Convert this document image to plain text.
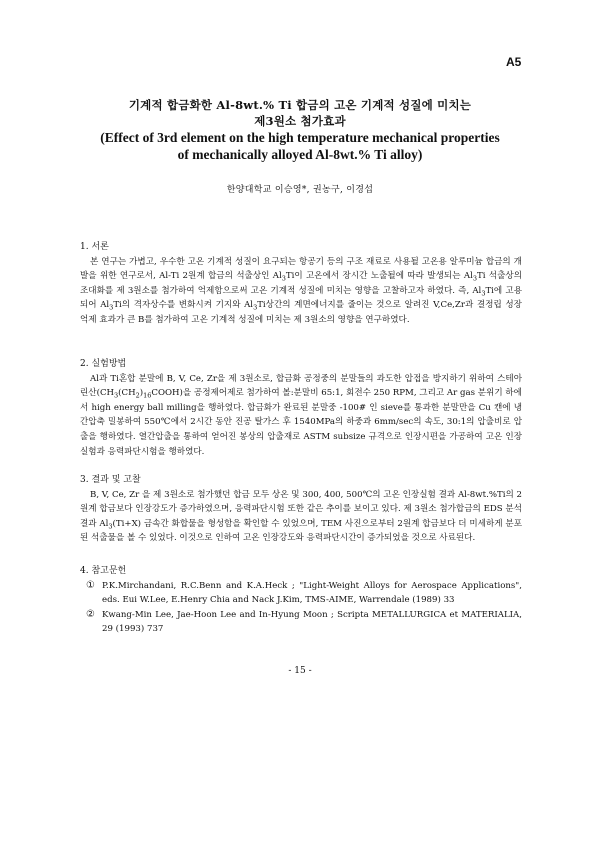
A5
기계적 합금화한 Al-8wt.% Ti 합금의 고온 기계적 성질에 미치는
제3원소 첨가효과
(Effect of 3rd element on the high temperature mechanical properties
of mechanically alloyed Al-8wt.% Ti alloy)
한양대학교 이승영*, 권농구, 이경섭
1. 서론

본 연구는 가볍고, 우수한 고온 기계적 성질이 요구되는 항공기 등의 구조 재료로 사용될 고온용 알루미늄 합금의 개발을 위한 연구로서, Al-Ti 2원계 합금의 석출상인 $Al_3Ti$이 고온에서 장시간 노출될에 따라 발생되는 $Al_3Ti$ 석출상의 조대화를 제 3원소를 첨가하여 억제함으로써 고온 기계적 성질에 미치는 영향을 고찰하고자 하였다. 즉, $Al_3Ti$에 고용되어 $Al_3Ti$의 격자상수를 변화시켜 기지와 $Al_3Ti$상간의 계면에너지를 줄이는 것으로 알려진 V,Ce,Zr과 결정립 성장 억제 효과가 큰 B를 첨가하여 고온 기계적 성질에 미치는 제 3원소의 영향을 연구하였다.

2. 실험방법

Al과 Ti혼합 분말에 B, V, Ce, Zr을 제 3원소로, 합금화 공정중의 분말들의 과도한 압접을 방지하기 위하여 스테아린산$(CH_3(CH_2)_{16}COOH)$을 공정제어제로 첨가하여 볼:분말비 65:1, 회전수 250 RPM, 그리고 Ar gas 분위기 하에서 high energy ball milling을 행하였다. 합금화가 완료된 분말중 -100# 인 sieve를 통과한 분말만을 Cu 캔에 냉간압축 밀봉하여 550℃에서 2시간 동안 진공 탈가스 후 1540MPa의 하중과 6mm/sec의 속도, 30:1의 압출비로 압출을 행하였다. 열간압출을 통하여 얻어진 봉상의 압출재로 ASTM subsize 규격으로 인장시편을 가공하여 고온 인장실험과 응력파단시험을 행하였다.

3. 결과 및 고찰

B, V, Ce, Zr 을 제 3원소로 첨가했던 합금 모두 상온 및 300, 400, 500℃의 고온 인장실험 결과 Al-8wt.%Ti의 2원계 합금보다 인장강도가 증가하였으며, 응력파단시험 또한 같은 추이를 보이고 있다. 제 3원소 첨가합금의 EDS 분석결과 $Al_3(Ti+X)$ 금속간 화합물을 형성함을 확인할 수 있었으며, TEM 사진으로부터 2원계 합금보다 더 미세하게 분포된 석출물을 볼 수 있었다. 이것으로 인하여 고온 인장강도와 응력파단시간이 증가되었을 것으로 사료된다.

4. 참고문헌
① P.K.Mirchandani, R.C.Benn and K.A.Heck ; "Light-Weight Alloys for Aerospace Applications", eds. Eui W.Lee, E.Henry Chia and Nack J.Kim, TMS-AIME, Warrendale (1989) 33
② Kwang-Min Lee, Jae-Hoon Lee and In-Hyung Moon ; Scripta METALLURGICA et MATERIALIA, 29 (1993) 737
- 15 -
